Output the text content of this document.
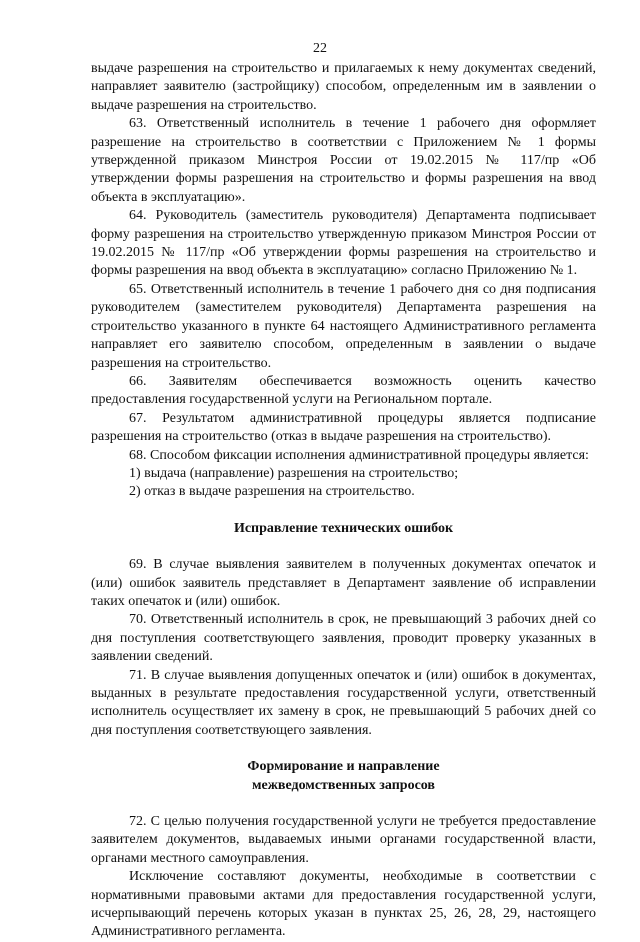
22

выдаче разрешения на строительство и прилагаемых к нему документах сведений, направляет заявителю (застройщику) способом, определенным им в заявлении о выдаче разрешения на строительство.

63. Ответственный исполнитель в течение 1 рабочего дня оформляет разрешение на строительство в соответствии с Приложением № 1 формы утвержденной приказом Минстроя России от 19.02.2015 № 117/пр «Об утверждении формы разрешения на строительство и формы разрешения на ввод объекта в эксплуатацию».

64. Руководитель (заместитель руководителя) Департамента подписывает форму разрешения на строительство утвержденную приказом Минстроя России от 19.02.2015 № 117/пр «Об утверждении формы разрешения на строительство и формы разрешения на ввод объекта в эксплуатацию» согласно Приложению № 1.

65. Ответственный исполнитель в течение 1 рабочего дня со дня подписания руководителем (заместителем руководителя) Департамента разрешения на строительство указанного в пункте 64 настоящего Административного регламента направляет его заявителю способом, определенным в заявлении о выдаче разрешения на строительство.

66. Заявителям обеспечивается возможность оценить качество предоставления государственной услуги на Региональном портале.

67. Результатом административной процедуры является подписание разрешения на строительство (отказ в выдаче разрешения на строительство).

68. Способом фиксации исполнения административной процедуры является:

1) выдача (направление) разрешения на строительство;

2) отказ в выдаче разрешения на строительство.

Исправление технических ошибок

69. В случае выявления заявителем в полученных документах опечаток и (или) ошибок заявитель представляет в Департамент заявление об исправлении таких опечаток и (или) ошибок.

70. Ответственный исполнитель в срок, не превышающий 3 рабочих дней со дня поступления соответствующего заявления, проводит проверку указанных в заявлении сведений.

71. В случае выявления допущенных опечаток и (или) ошибок в документах, выданных в результате предоставления государственной услуги, ответственный исполнитель осуществляет их замену в срок, не превышающий 5 рабочих дней со дня поступления соответствующего заявления.

Формирование и направление
межведомственных запросов

72. С целью получения государственной услуги не требуется предоставление заявителем документов, выдаваемых иными органами государственной власти, органами местного самоуправления.

Исключение составляют документы, необходимые в соответствии с нормативными правовыми актами для предоставления государственной услуги, исчерпывающий перечень которых указан в пунктах 25, 26, 28, 29, настоящего Административного регламента.
